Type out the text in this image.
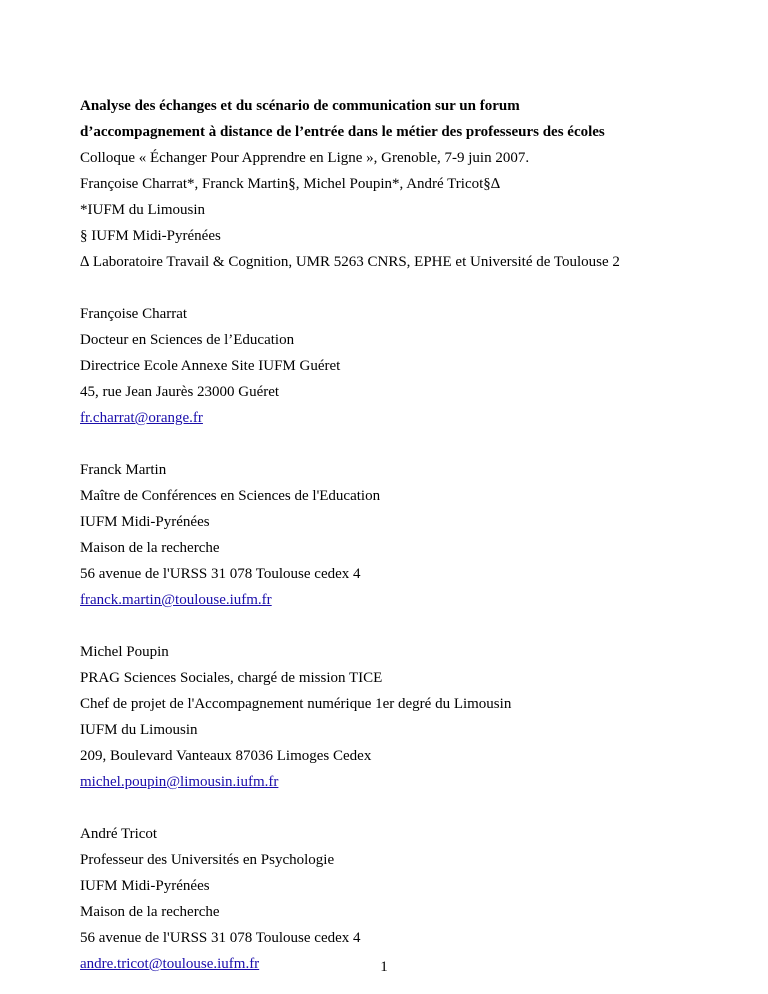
Analyse des échanges et du scénario de communication sur un forum
d’accompagnement à distance de l’entrée dans le métier des professeurs des écoles
Colloque « Échanger Pour Apprendre en Ligne », Grenoble, 7-9 juin 2007.
Françoise Charrat*, Franck Martin§, Michel Poupin*, André Tricot§∆
*IUFM du Limousin
§ IUFM Midi-Pyrénées
∆ Laboratoire Travail & Cognition, UMR 5263 CNRS, EPHE et Université de Toulouse 2
Françoise Charrat
Docteur en Sciences de l’Education
Directrice Ecole Annexe Site IUFM Guéret
45, rue Jean Jaurès 23000 Guéret
fr.charrat@orange.fr
Franck Martin
Maître de Conférences en Sciences de l'Education
IUFM Midi-Pyrénées
Maison de la recherche
56 avenue de l'URSS 31 078 Toulouse cedex 4
franck.martin@toulouse.iufm.fr
Michel Poupin
PRAG Sciences Sociales, chargé de mission TICE
Chef de projet de l'Accompagnement numérique 1er degré du Limousin
IUFM du Limousin
209, Boulevard Vanteaux 87036 Limoges Cedex
michel.poupin@limousin.iufm.fr
André Tricot
Professeur des Universités en Psychologie
IUFM Midi-Pyrénées
Maison de la recherche
56 avenue de l'URSS 31 078 Toulouse cedex 4
andre.tricot@toulouse.iufm.fr	1
